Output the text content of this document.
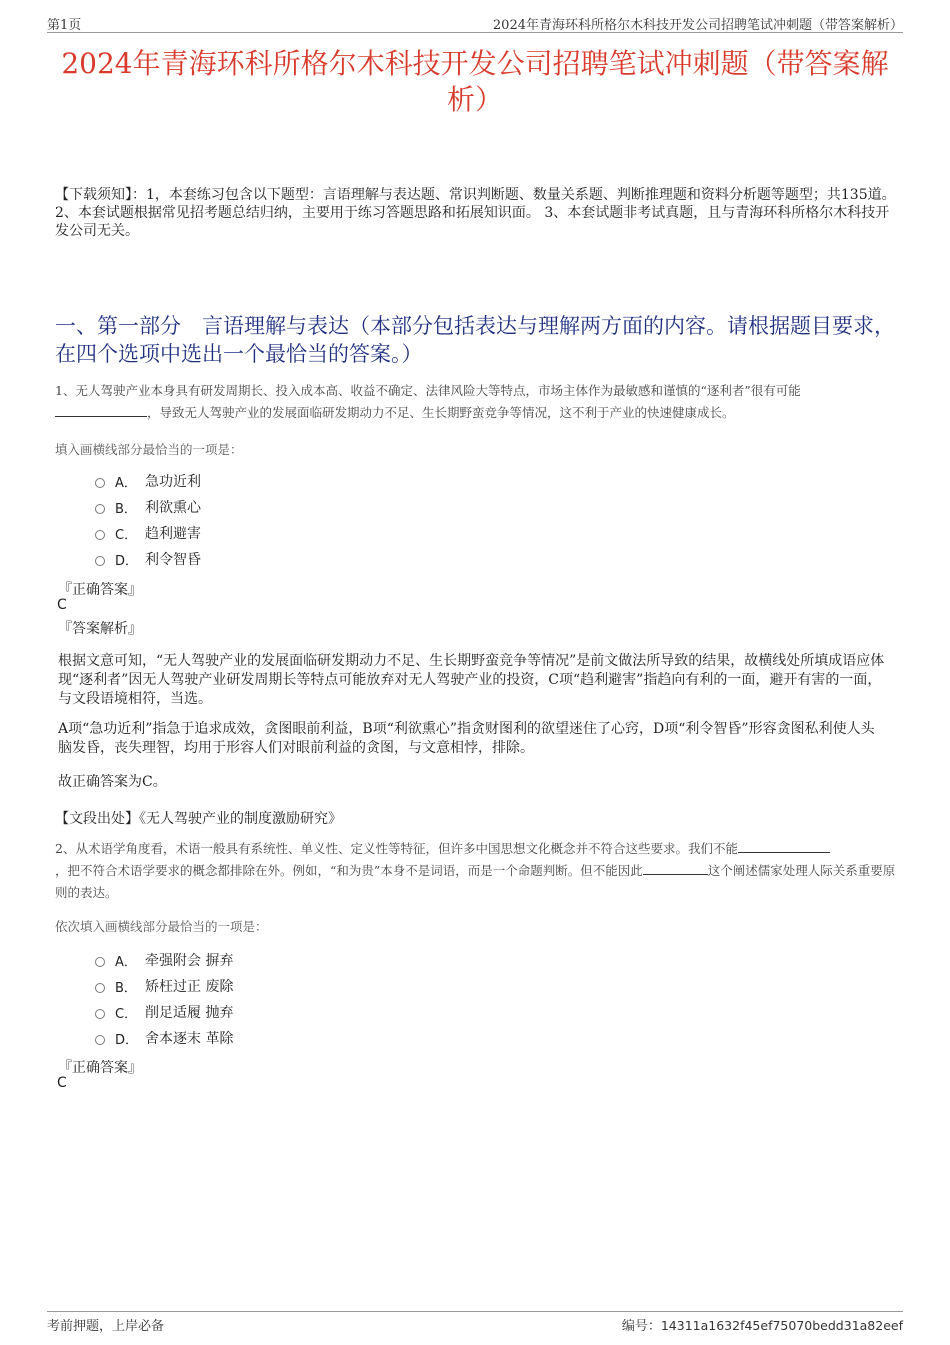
第1页	2024年青海环科所格尔木科技开发公司招聘笔试冲刺题（带答案解析）
2024年青海环科所格尔木科技开发公司招聘笔试冲刺题（带答案解析）
【下载须知】：1，本套练习包含以下题型：言语理解与表达题、常识判断题、数量关系题、判断推理题和资料分析题等题型；共135道。 2、本套试题根据常见招考题总结归纳，主要用于练习答题思路和拓展知识面。 3、本套试题非考试真题，且与青海环科所格尔木科技开发公司无关。
一、第一部分　言语理解与表达（本部分包括表达与理解两方面的内容。请根据题目要求，在四个选项中选出一个最恰当的答案。）
1、无人驾驶产业本身具有研发周期长、投入成本高、收益不确定、法律风险大等特点，市场主体作为最敏感和谨慎的“逐利者”很有可能
，导致无人驾驶产业的发展面临研发期动力不足、生长期野蛮竞争等情况，这不利于产业的快速健康成长。
填入画横线部分最恰当的一项是：
A． 急功近利
B． 利欲熏心
C． 趋利避害
D． 利令智昏
『正确答案』
C
『答案解析』
根据文意可知，“无人驾驶产业的发展面临研发期动力不足、生长期野蛮竞争等情况”是前文做法所导致的结果，故横线处所填成语应体现“逐利者”因无人驾驶产业研发周期长等特点可能放弃对无人驾驶产业的投资，C项“趋利避害”指趋向有利的一面，避开有害的一面，与文段语境相符，当选。
A项“急功近利”指急于追求成效，贪图眼前利益，B项“利欲熏心”指贪财图利的欲望迷住了心窍，D项“利令智昏”形容贪图私利使人头脑发昏，丧失理智，均用于形容人们对眼前利益的贪图，与文意相悖，排除。
故正确答案为C。
【文段出处】《无人驾驶产业的制度激励研究》
2、从术语学角度看，术语一般具有系统性、单义性、定义性等特征，但许多中国思想文化概念并不符合这些要求。我们不能
，把不符合术语学要求的概念都排除在外。例如，“和为贵”本身不是词语，而是一个命题判断。但不能因此	这个阐述儒家处理人际关系重要原则的表达。
依次填入画横线部分最恰当的一项是：
A． 牵强附会 摒弃
B． 矫枉过正 废除
C． 削足适履 抛弃
D． 舍本逐末 革除
『正确答案』
C
考前押题，上岸必备	编号：14311a1632f45ef75070bedd31a82eef
